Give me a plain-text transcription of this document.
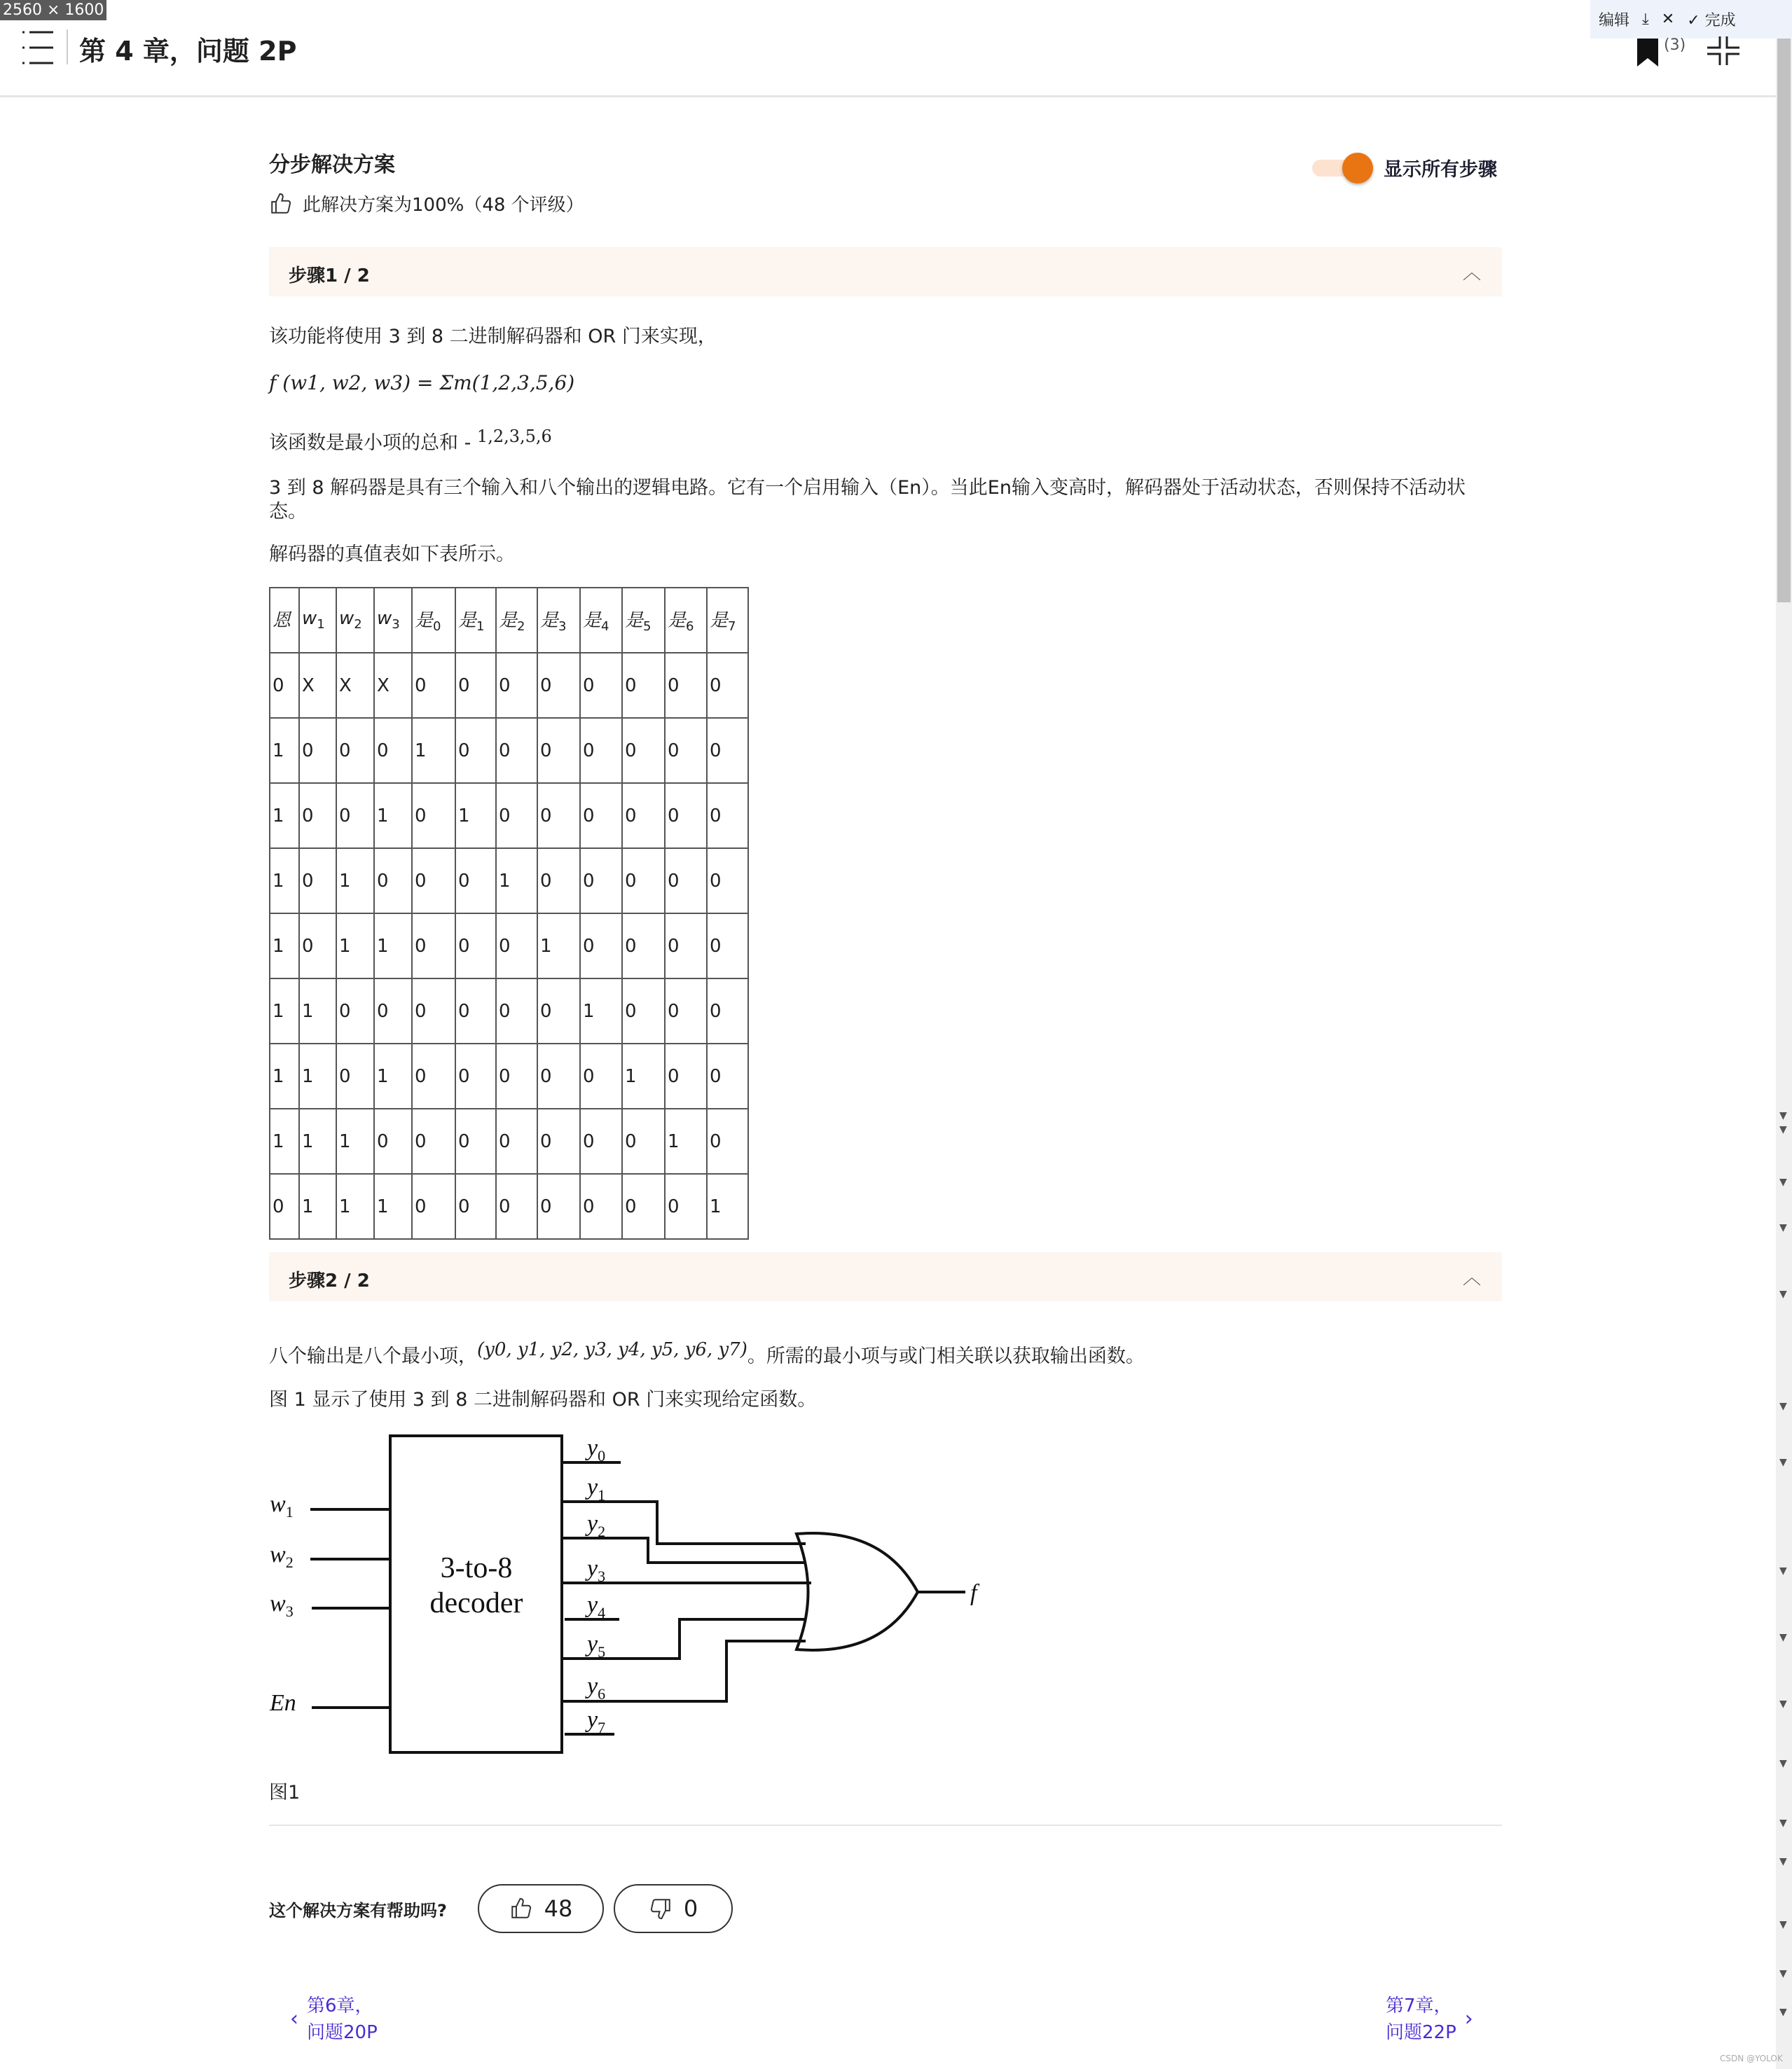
2560 × 1600
编辑 ⤓ ✕ ✓ 完成
第 4 章，问题 2P	(3)
分步解决方案
此解决方案为100%（48 个评级）
显示所有步骤
步骤1 / 2	︿
该功能将使用 3 到 8 二进制解码器和 OR 门来实现，
f (w1, w2, w3) = Σm(1,2,3,5,6)
该函数是最小项的总和 - 1,2,3,5,6
3 到 8 解码器是具有三个输入和八个输出的逻辑电路。它有一个启用输入（En）。当此En输入变高时，解码器处于活动状态，否则保持不活动状态。
解码器的真值表如下表所示。
恩	$w_1$	$w_2$	$w_3$	是$_0$	是$_1$	是$_2$	是$_3$	是$_4$	是$_5$	是$_6$	是$_7$
0	X	X	X	0	0	0	0	0	0	0	0
1	0	0	0	1	0	0	0	0	0	0	0
1	0	0	1	0	1	0	0	0	0	0	0
1	0	1	0	0	0	1	0	0	0	0	0
1	0	1	1	0	0	0	1	0	0	0	0
1	1	0	0	0	0	0	0	1	0	0	0
1	1	0	1	0	0	0	0	0	1	0	0
1	1	1	0	0	0	0	0	0	0	1	0
0	1	1	1	0	0	0	0	0	0	0	1
步骤2 / 2	︿
八个输出是八个最小项，(y0, y1, y2, y3, y4, y5, y6, y7)。所需的最小项与或门相关联以获取输出函数。
图 1 显示了使用 3 到 8 二进制解码器和 OR 门来实现给定函数。
3-to-8
decoder
$w_1$
$w_2$
$w_3$
En
$y_0$
$y_1$
$y_2$
$y_3$
$y_4$
$y_5$
$y_6$
$y_7$
f
图1
这个解决方案有帮助吗?	48	0
‹
第6章，
问题20P
第7章，
问题22P
›
▼
▼
▼
▼
▼
▼
▼
▼
▼
▼
▼
▼
▼
▼
▼
▼
CSDN @YOLOK
